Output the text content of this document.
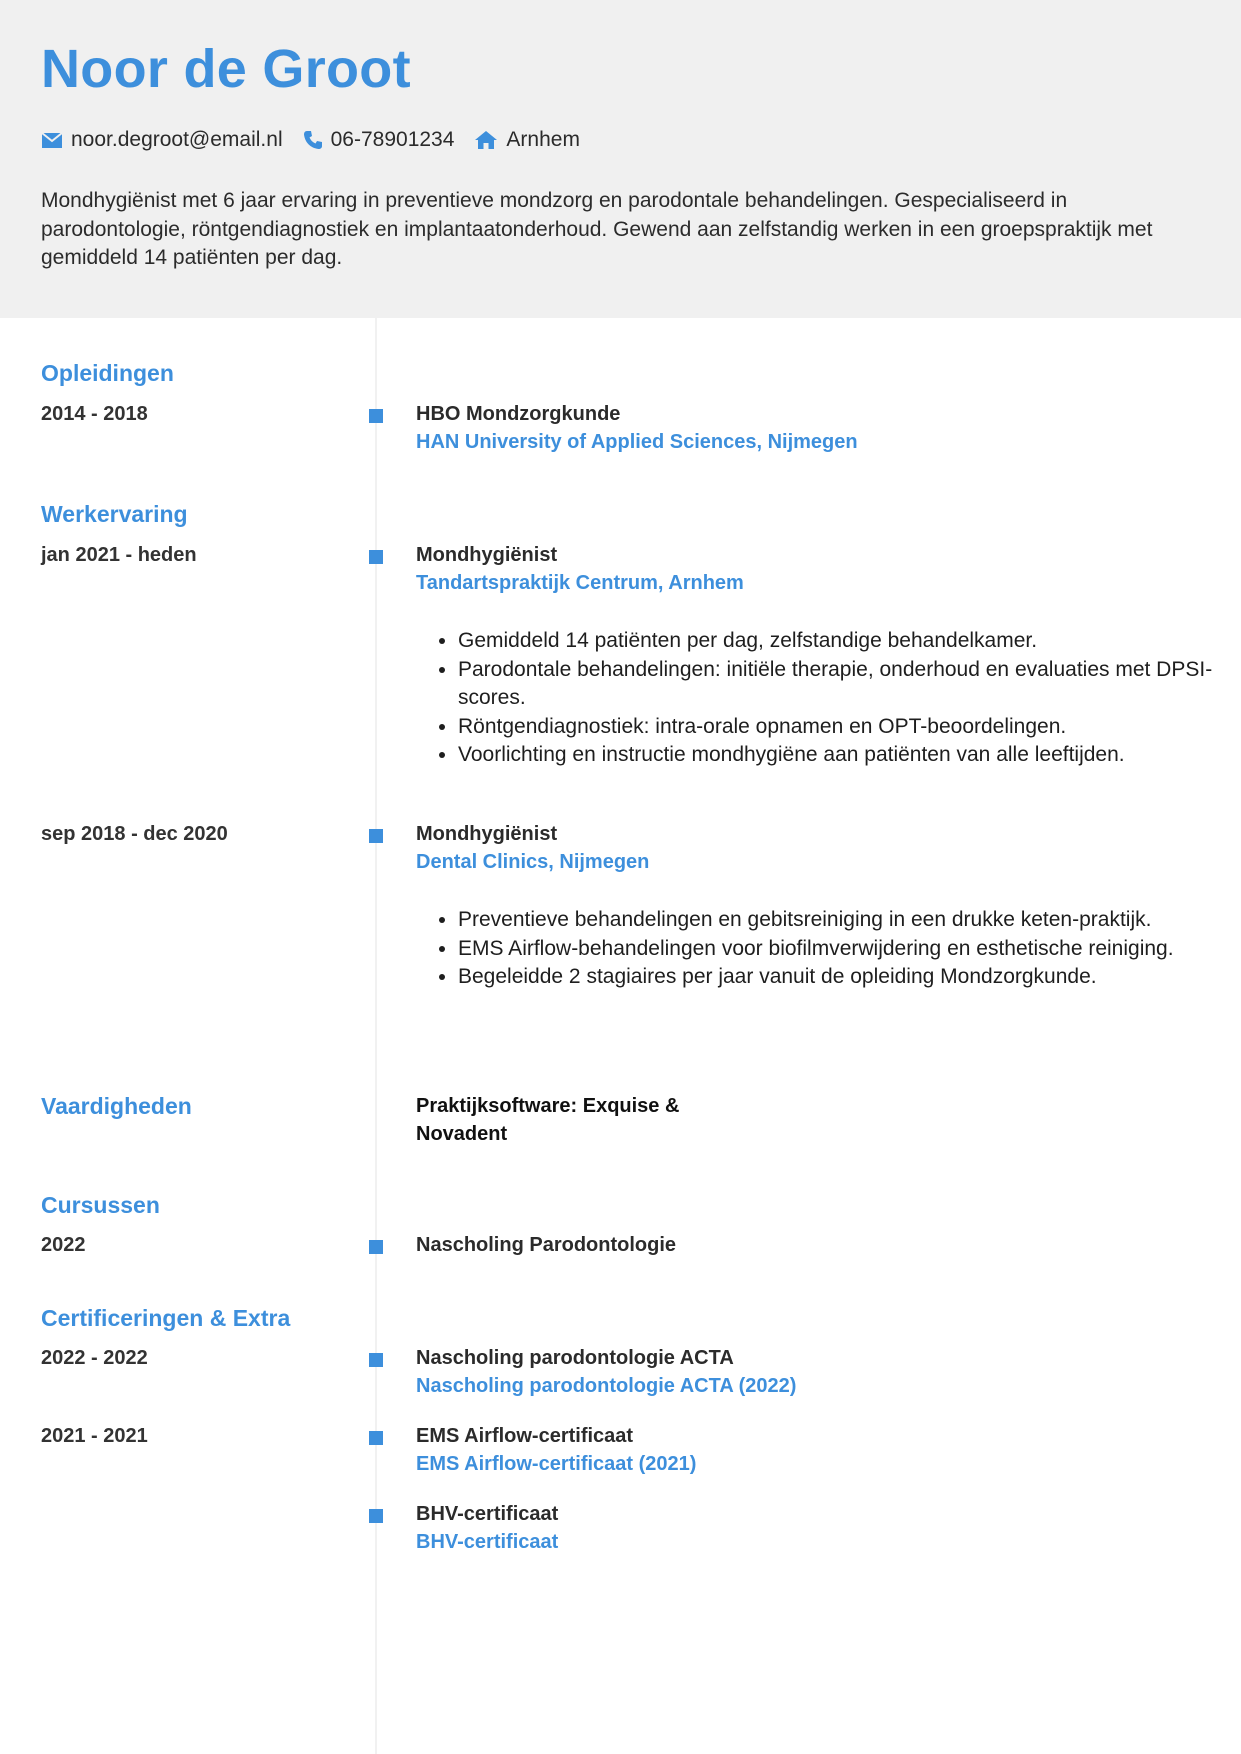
Noor de Groot
noor.degroot@email.nl 06-78901234 Arnhem
Mondhygiënist met 6 jaar ervaring in preventieve mondzorg en parodontale behandelingen. Gespecialiseerd in parodontologie, röntgendiagnostiek en implantaatonderhoud. Gewend aan zelfstandig werken in een groepspraktijk met gemiddeld 14 patiënten per dag.
Opleidingen
2014 - 2018	HBO Mondzorgkunde
HAN University of Applied Sciences, Nijmegen
Werkervaring
jan 2021 - heden	Mondhygiënist
Tandartspraktijk Centrum, Arnhem
• Gemiddeld 14 patiënten per dag, zelfstandige behandelkamer.
• Parodontale behandelingen: initiële therapie, onderhoud en evaluaties met DPSI-scores.
• Röntgendiagnostiek: intra-orale opnamen en OPT-beoordelingen.
• Voorlichting en instructie mondhygiëne aan patiënten van alle leeftijden.
sep 2018 - dec 2020	Mondhygiënist
Dental Clinics, Nijmegen
• Preventieve behandelingen en gebitsreiniging in een drukke keten-praktijk.
• EMS Airflow-behandelingen voor biofilmverwijdering en esthetische reiniging.
• Begeleidde 2 stagiaires per jaar vanuit de opleiding Mondzorgkunde.
Vaardigheden	Praktijksoftware: Exquise & Novadent
Cursussen
2022	Nascholing Parodontologie
Certificeringen & Extra
2022 - 2022	Nascholing parodontologie ACTA
Nascholing parodontologie ACTA (2022)
2021 - 2021	EMS Airflow-certificaat
EMS Airflow-certificaat (2021)
BHV-certificaat
BHV-certificaat
